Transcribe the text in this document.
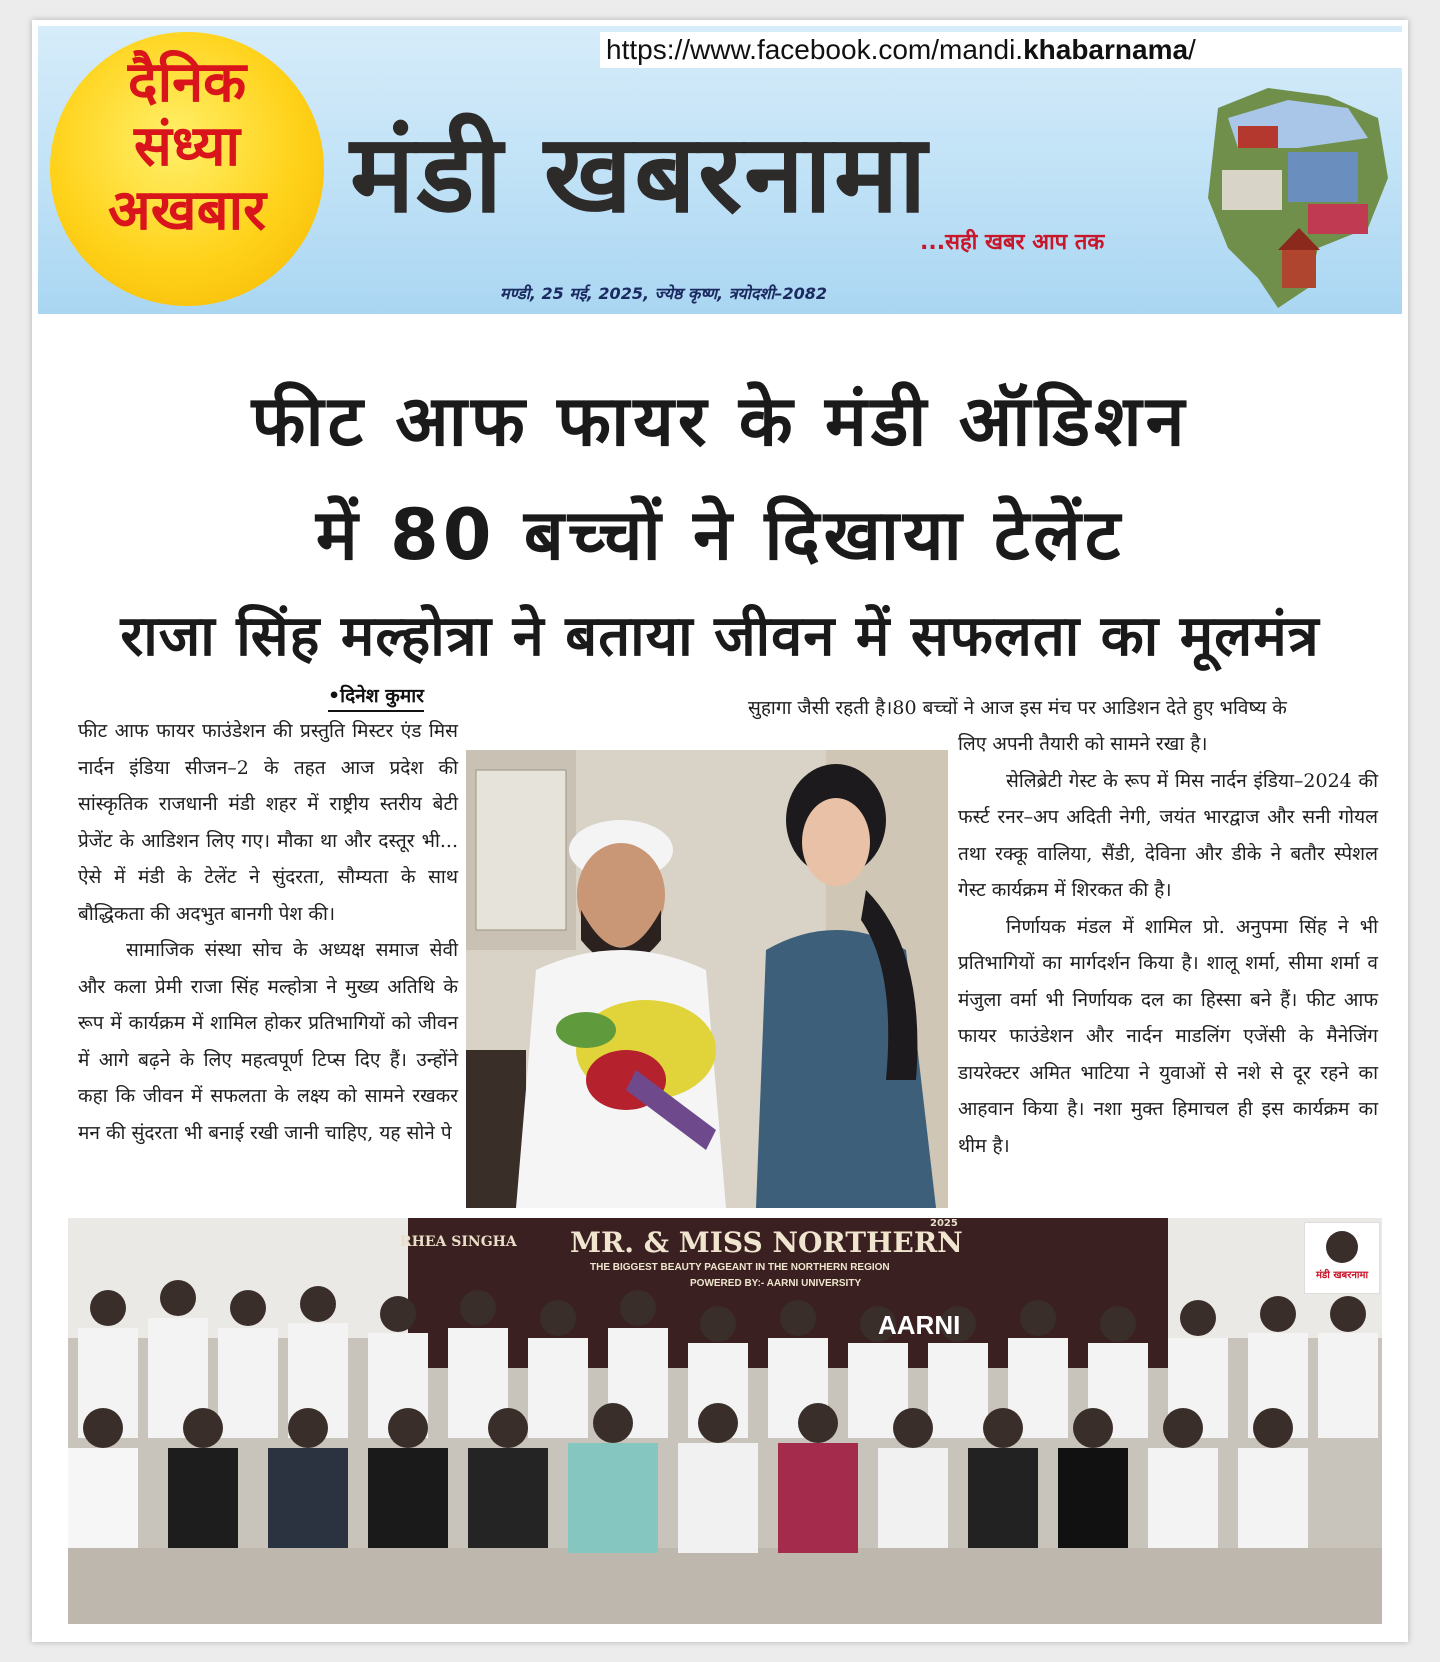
https://www.facebook.com/mandi.khabarnama/
दैनिक
संध्या
अखबार मंडी खबरनामा
...सही खबर आप तक
मण्डी, 25 मई, 2025, ज्येष्ठ कृष्ण, त्रयोदशी–2082
फीट आफ फायर के मंडी ऑडिशन
में 80 बच्चों ने दिखाया टेलेंट
राजा सिंह मल्होत्रा ने बताया जीवन में सफलता का मूलमंत्र
•दिनेश कुमार

फीट आफ फायर फाउंडेशन की प्रस्तुति मिस्टर एंड मिस नार्दन इंडिया सीजन–2 के तहत आज प्रदेश की सांस्कृतिक राजधानी मंडी शहर में राष्ट्रीय स्तरीय बेटी प्रेजेंट के आडिशन लिए गए। मौका था और दस्तूर भी... ऐसे में मंडी के टेलेंट ने सुंदरता, सौम्यता के साथ बौद्धिकता की अदभुत बानगी पेश की।

सामाजिक संस्था सोच के अध्यक्ष समाज सेवी और कला प्रेमी राजा सिंह मल्होत्रा ने मुख्य अतिथि के रूप में कार्यक्रम में शामिल होकर प्रतिभागियों को जीवन में आगे बढ़ने के लिए महत्वपूर्ण टिप्स दिए हैं। उन्होंने कहा कि जीवन में सफलता के लक्ष्य को सामने रखकर मन की सुंदरता भी बनाई रखी जानी चाहिए, यह सोने पे

सुहागा जैसी रहती है।80 बच्चों ने आज इस मंच पर आडिशन देते हुए भविष्य के

लिए अपनी तैयारी को सामने रखा है।

सेलिब्रेटी गेस्ट के रूप में मिस नार्दन इंडिया–2024 की फर्स्ट रनर–अप अदिती नेगी, जयंत भारद्वाज और सनी गोयल तथा रक्कू वालिया, सैंडी, देविना और डीके ने बतौर स्पेशल गेस्ट कार्यक्रम में शिरकत की है।

निर्णायक मंडल में शामिल प्रो. अनुपमा सिंह ने भी प्रतिभागियों का मार्गदर्शन किया है। शालू शर्मा, सीमा शर्मा व मंजुला वर्मा भी निर्णायक दल का हिस्सा बने हैं। फीट आफ फायर फाउंडेशन और नार्दन माडलिंग एजेंसी के मैनेजिंग डायरेक्टर अमित भाटिया ने युवाओं से नशे से दूर रहने का आहवान किया है। नशा मुक्त हिमाचल ही इस कार्यक्रम का थीम है।

RHEA SINGHA MR. & MISS NORTHERN
2025
THE BIGGEST BEAUTY PAGEANT IN THE NORTHERN REGION
POWERED BY:- AARNI UNIVERSITY
AARNI
मंडी खबरनामा
